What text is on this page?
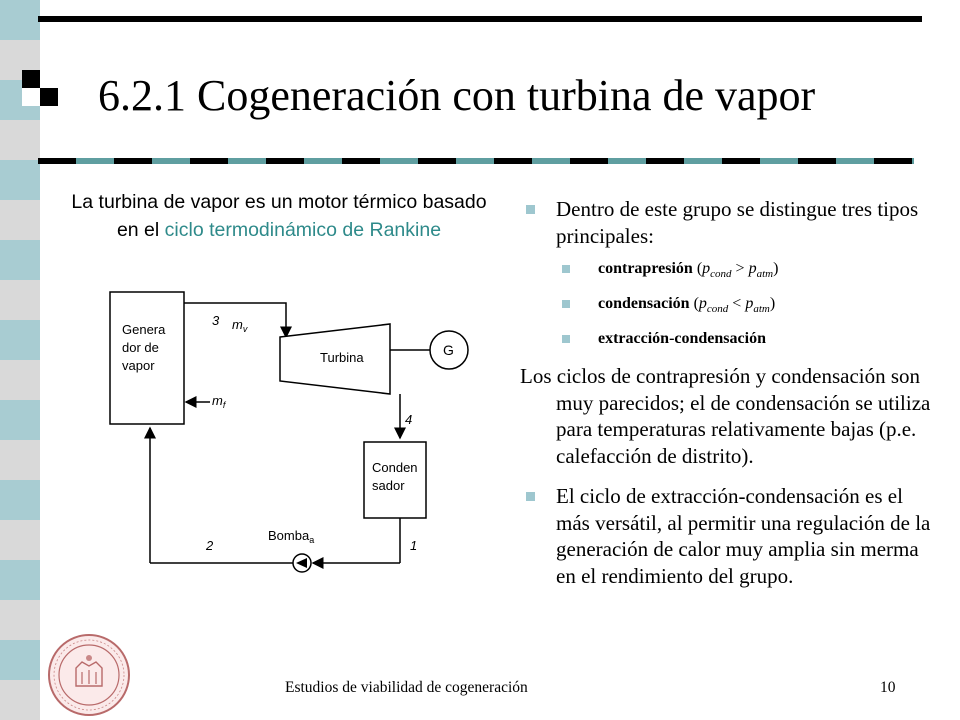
6.2.1 Cogeneración con turbina de vapor
La turbina de vapor es un motor térmico basado
en el ciclo termodinámico de Rankine
Genera
dor de
vapor
3 $m_v$
Turbina	G
$m_f$
4
Conden
sador
1
Bomba$_a$
2
Dentro de este grupo se distingue tres tipos principales:
contrapresión $(p_{cond} > p_{atm})$
condensación $(p_{cond} < p_{atm})$
extracción-condensación
Los ciclos de contrapresión y condensación son muy parecidos; el de condensación se utiliza para temperaturas relativamente bajas (p.e. calefacción de distrito).
El ciclo de extracción-condensación es el más versátil, al permitir una regulación de la generación de calor muy amplia sin merma en el rendimiento del grupo.
Estudios de viabilidad de cogeneración	10
